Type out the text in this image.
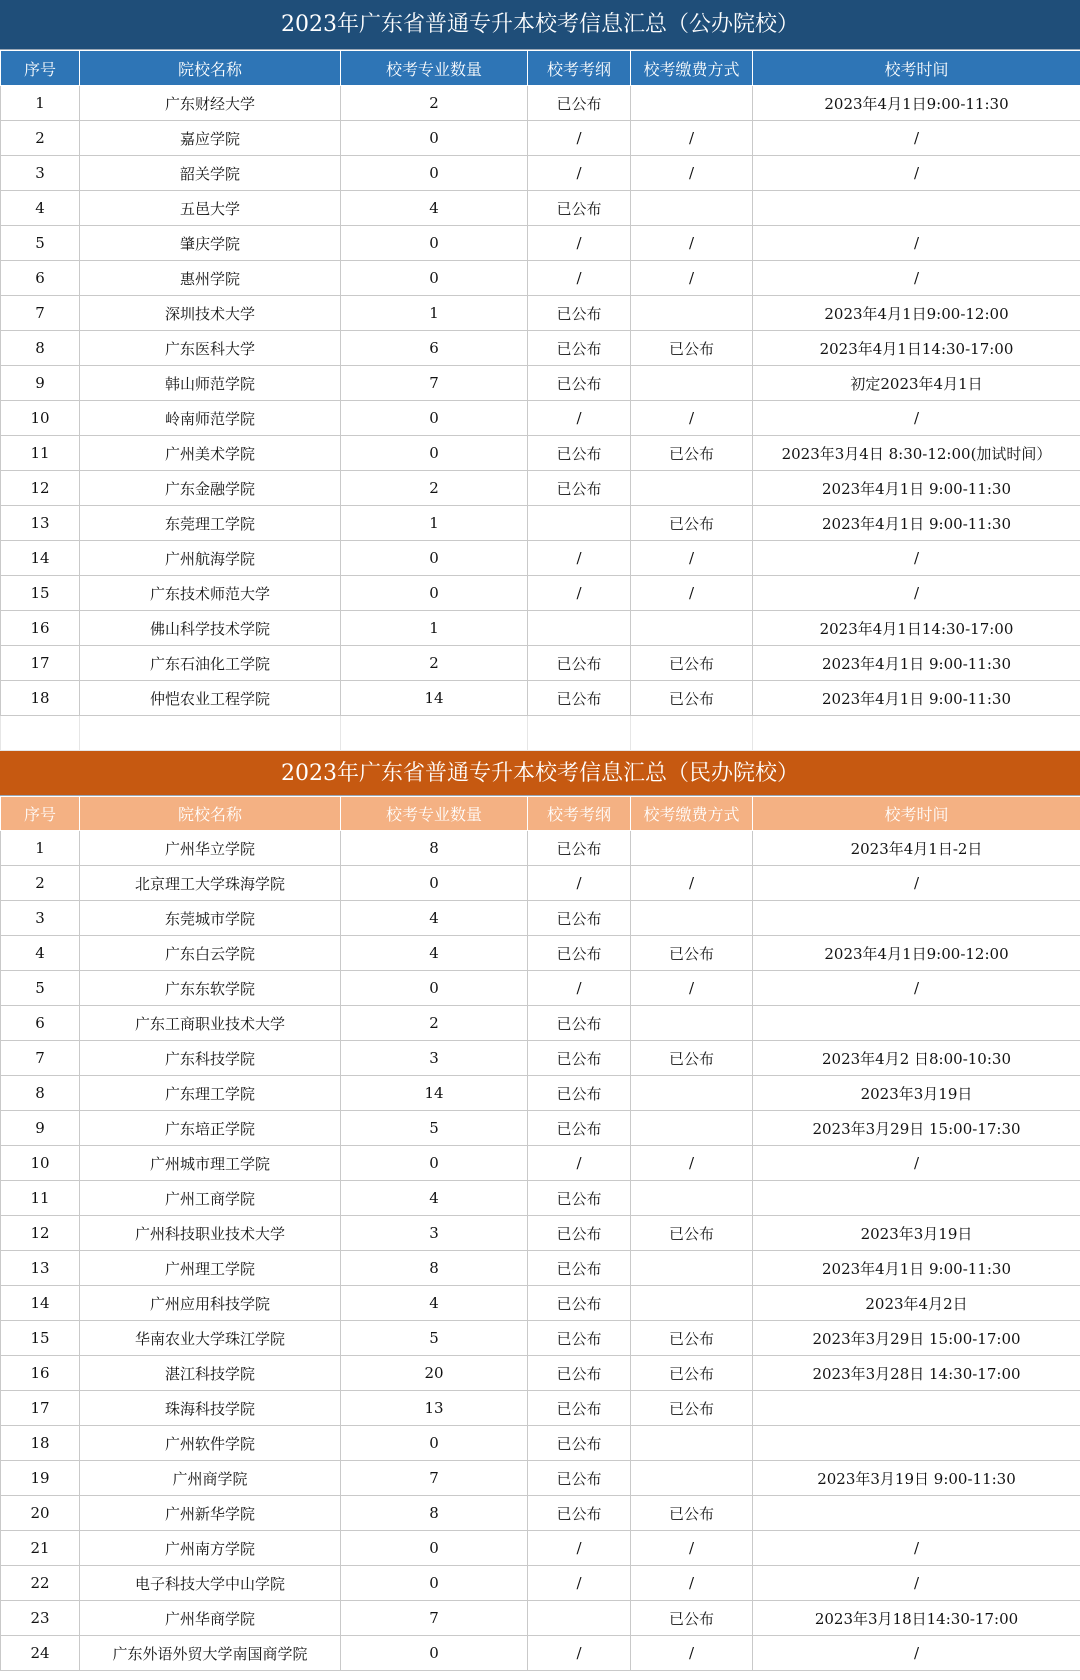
2023年广东省普通专升本校考信息汇总（公办院校）
序号	院校名称	校考专业数量	校考考纲	校考缴费方式	校考时间
1	广东财经大学	2	已公布		2023年4月1日9:00-11:30
2	嘉应学院	0	/	/	/
3	韶关学院	0	/	/	/
4	五邑大学	4	已公布		
5	肇庆学院	0	/	/	/
6	惠州学院	0	/	/	/
7	深圳技术大学	1	已公布		2023年4月1日9:00-12:00
8	广东医科大学	6	已公布	已公布	2023年4月1日14:30-17:00
9	韩山师范学院	7	已公布		初定2023年4月1日
10	岭南师范学院	0	/	/	/
11	广州美术学院	0	已公布	已公布	2023年3月4日 8:30-12:00(加试时间）
12	广东金融学院	2	已公布		2023年4月1日 9:00-11:30
13	东莞理工学院	1		已公布	2023年4月1日 9:00-11:30
14	广州航海学院	0	/	/	/
15	广东技术师范大学	0	/	/	/
16	佛山科学技术学院	1			2023年4月1日14:30-17:00
17	广东石油化工学院	2	已公布	已公布	2023年4月1日 9:00-11:30
18	仲恺农业工程学院	14	已公布	已公布	2023年4月1日 9:00-11:30

2023年广东省普通专升本校考信息汇总（民办院校）
序号	院校名称	校考专业数量	校考考纲	校考缴费方式	校考时间
1	广州华立学院	8	已公布		2023年4月1日-2日
2	北京理工大学珠海学院	0	/	/	/
3	东莞城市学院	4	已公布		
4	广东白云学院	4	已公布	已公布	2023年4月1日9:00-12:00
5	广东东软学院	0	/	/	/
6	广东工商职业技术大学	2	已公布		
7	广东科技学院	3	已公布	已公布	2023年4月2 日8:00-10:30
8	广东理工学院	14	已公布		2023年3月19日
9	广东培正学院	5	已公布		2023年3月29日 15:00-17:30
10	广州城市理工学院	0	/	/	/
11	广州工商学院	4	已公布		
12	广州科技职业技术大学	3	已公布	已公布	2023年3月19日
13	广州理工学院	8	已公布		2023年4月1日 9:00-11:30
14	广州应用科技学院	4	已公布		2023年4月2日
15	华南农业大学珠江学院	5	已公布	已公布	2023年3月29日 15:00-17:00
16	湛江科技学院	20	已公布	已公布	2023年3月28日 14:30-17:00
17	珠海科技学院	13	已公布	已公布	
18	广州软件学院	0	已公布		
19	广州商学院	7	已公布		2023年3月19日 9:00-11:30
20	广州新华学院	8	已公布	已公布	
21	广州南方学院	0	/	/	/
22	电子科技大学中山学院	0	/	/	/
23	广州华商学院	7		已公布	2023年3月18日14:30-17:00
24	广东外语外贸大学南国商学院	0	/	/	/
